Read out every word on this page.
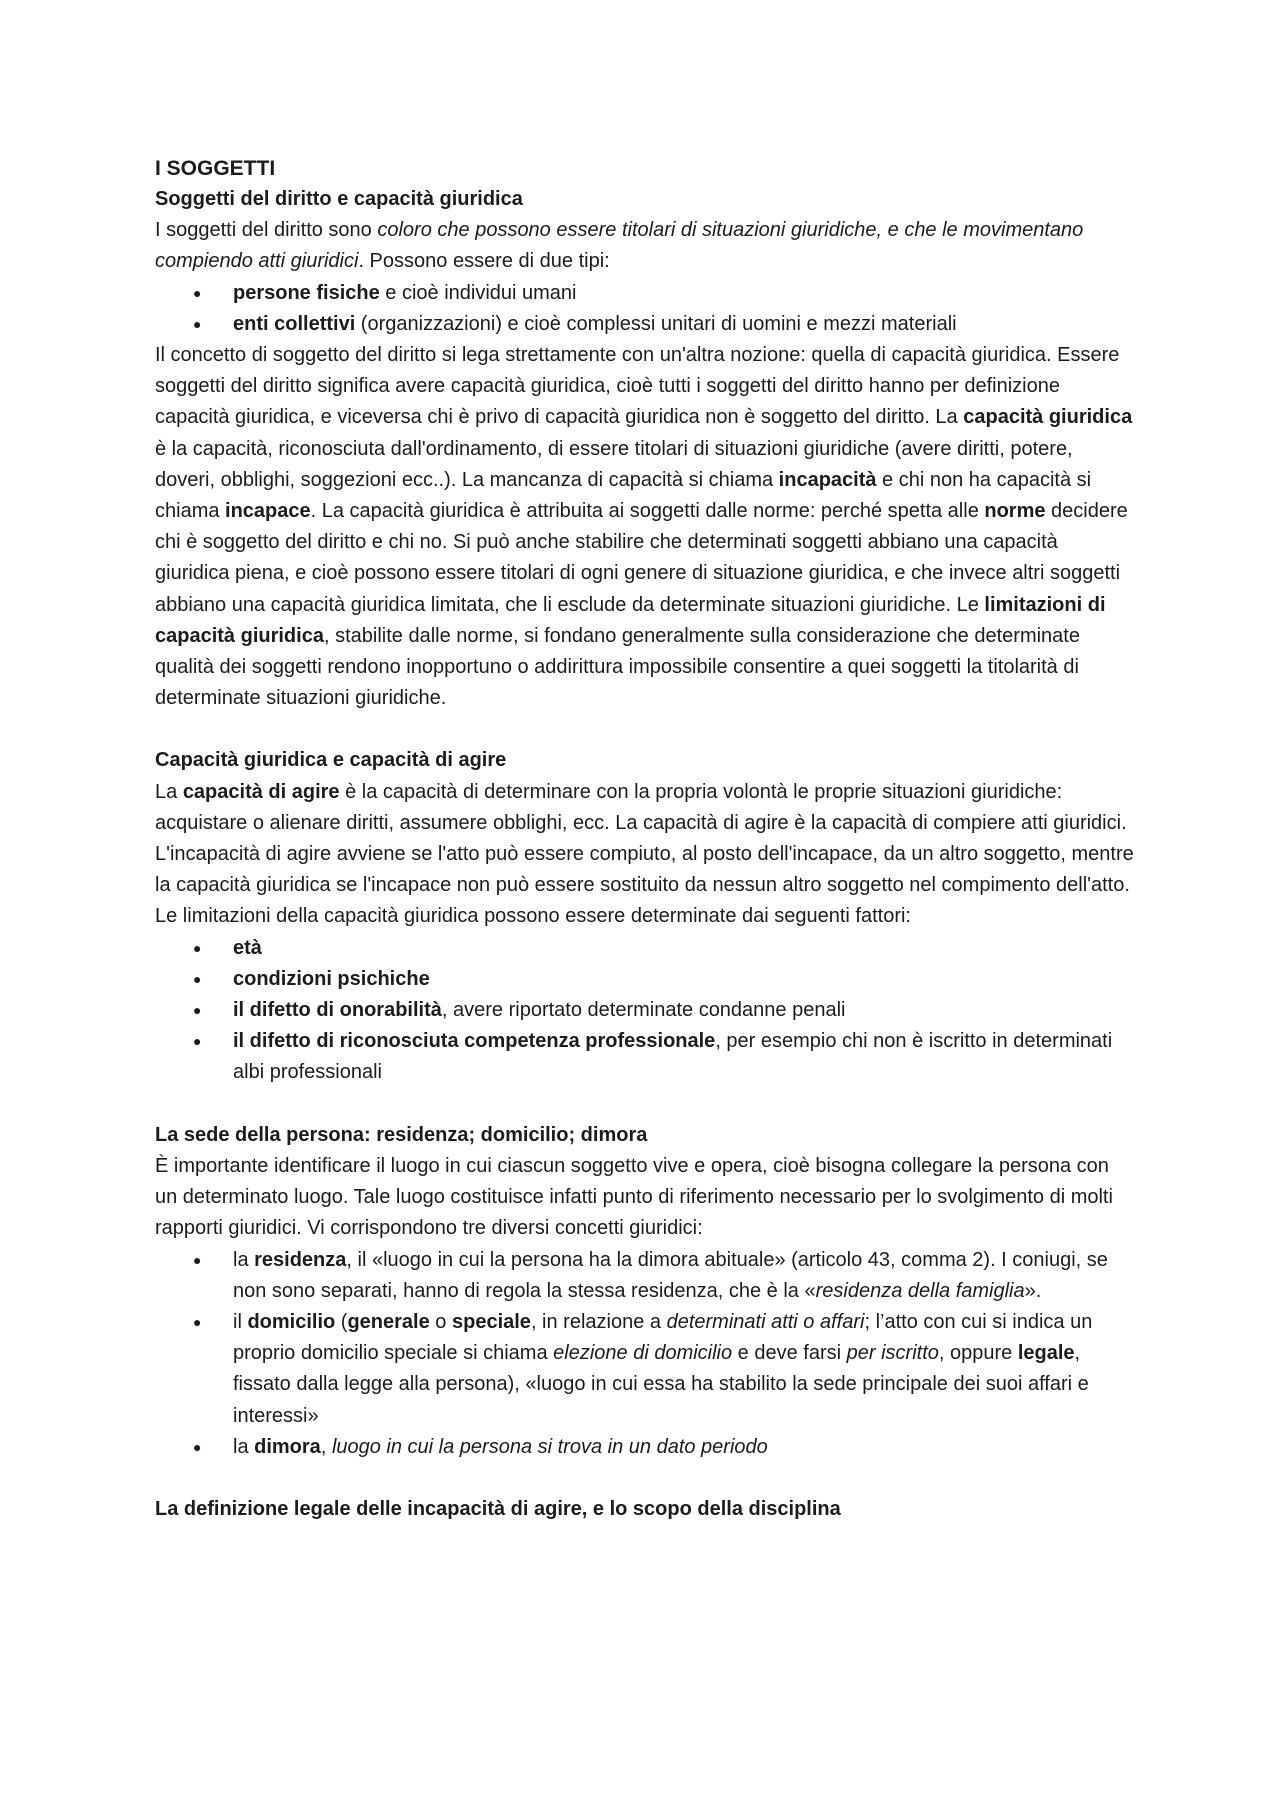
I SOGGETTI

Soggetti del diritto e capacità giuridica

I soggetti del diritto sono coloro che possono essere titolari di situazioni giuridiche, e che le movimentano compiendo atti giuridici. Possono essere di due tipi:

● persone fisiche e cioè individui umani
● enti collettivi (organizzazioni) e cioè complessi unitari di uomini e mezzi materiali

Il concetto di soggetto del diritto si lega strettamente con un'altra nozione: quella di capacità giuridica. Essere soggetti del diritto significa avere capacità giuridica, cioè tutti i soggetti del diritto hanno per definizione capacità giuridica, e viceversa chi è privo di capacità giuridica non è soggetto del diritto. La capacità giuridica è la capacità, riconosciuta dall'ordinamento, di essere titolari di situazioni giuridiche (avere diritti, potere, doveri, obblighi, soggezioni ecc..). La mancanza di capacità si chiama incapacità e chi non ha capacità si chiama incapace. La capacità giuridica è attribuita ai soggetti dalle norme: perché spetta alle norme decidere chi è soggetto del diritto e chi no. Si può anche stabilire che determinati soggetti abbiano una capacità giuridica piena, e cioè possono essere titolari di ogni genere di situazione giuridica, e che invece altri soggetti abbiano una capacità giuridica limitata, che li esclude da determinate situazioni giuridiche. Le limitazioni di capacità giuridica, stabilite dalle norme, si fondano generalmente sulla considerazione che determinate qualità dei soggetti rendono inopportuno o addirittura impossibile consentire a quei soggetti la titolarità di determinate situazioni giuridiche.

Capacità giuridica e capacità di agire

La capacità di agire è la capacità di determinare con la propria volontà le proprie situazioni giuridiche: acquistare o alienare diritti, assumere obblighi, ecc. La capacità di agire è la capacità di compiere atti giuridici. L'incapacità di agire avviene se l'atto può essere compiuto, al posto dell'incapace, da un altro soggetto, mentre la capacità giuridica se l'incapace non può essere sostituito da nessun altro soggetto nel compimento dell'atto. Le limitazioni della capacità giuridica possono essere determinate dai seguenti fattori:

● età
● condizioni psichiche
● il difetto di onorabilità, avere riportato determinate condanne penali
● il difetto di riconosciuta competenza professionale, per esempio chi non è iscritto in determinati albi professionali

La sede della persona: residenza; domicilio; dimora

È importante identificare il luogo in cui ciascun soggetto vive e opera, cioè bisogna collegare la persona con un determinato luogo. Tale luogo costituisce infatti punto di riferimento necessario per lo svolgimento di molti rapporti giuridici. Vi corrispondono tre diversi concetti giuridici:

● la residenza, il «luogo in cui la persona ha la dimora abituale» (articolo 43, comma 2). I coniugi, se non sono separati, hanno di regola la stessa residenza, che è la «residenza della famiglia».
● il domicilio (generale o speciale, in relazione a determinati atti o affari; l’atto con cui si indica un proprio domicilio speciale si chiama elezione di domicilio e deve farsi per iscritto, oppure legale, fissato dalla legge alla persona), «luogo in cui essa ha stabilito la sede principale dei suoi affari e interessi»
● la dimora, luogo in cui la persona si trova in un dato periodo

La definizione legale delle incapacità di agire, e lo scopo della disciplina
